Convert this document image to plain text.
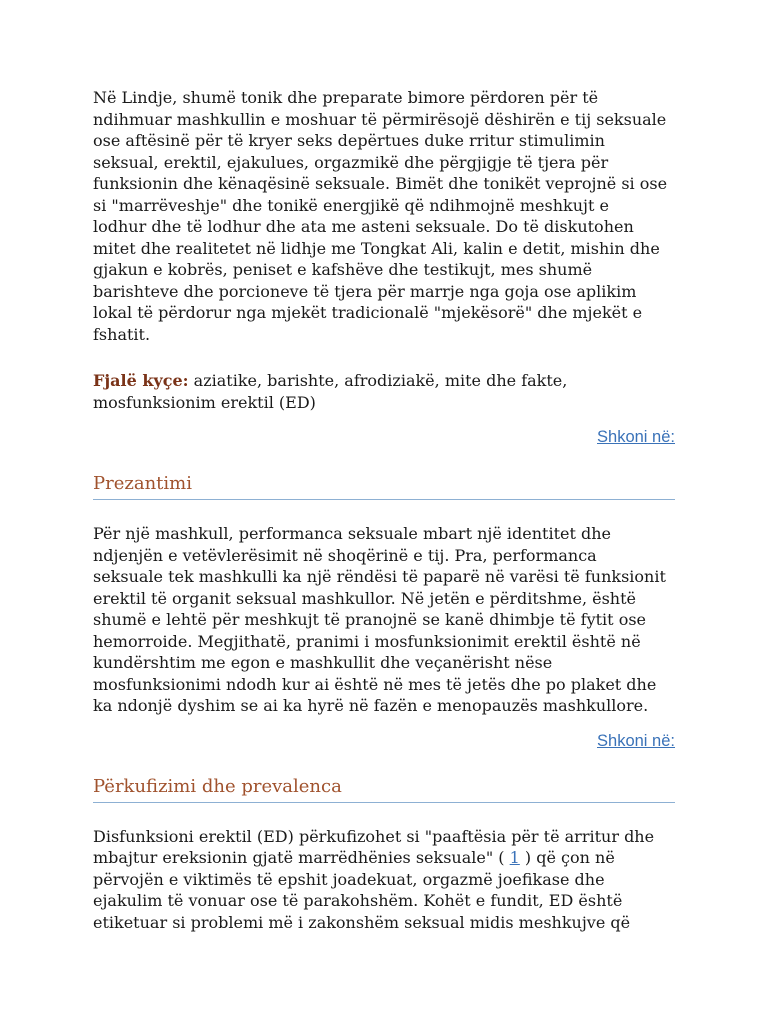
Në Lindje, shumë tonik dhe preparate bimore përdoren për të

ndihmuar mashkullin e moshuar të përmirësojë dëshirën e tij seksuale

ose aftësinë për të kryer seks depërtues duke rritur stimulimin

seksual, erektil, ejakulues, orgazmikë dhe përgjigje të tjera për

funksionin dhe kënaqësinë seksuale. Bimët dhe tonikët veprojnë si ose

si "marrëveshje" dhe tonikë energjikë që ndihmojnë meshkujt e

lodhur dhe të lodhur dhe ata me asteni seksuale. Do të diskutohen

mitet dhe realitetet në lidhje me Tongkat Ali, kalin e detit, mishin dhe

gjakun e kobrës, peniset e kafshëve dhe testikujt, mes shumë

barishteve dhe porcioneve të tjera për marrje nga goja ose aplikim

lokal të përdorur nga mjekët tradicionalë "mjekësorë" dhe mjekët e

fshatit.

Fjalë kyçe: aziatike, barishte, afrodiziakë, mite dhe fakte,

mosfunksionim erektil (ED)

Shkoni në:
Prezantimi

Për një mashkull, performanca seksuale mbart një identitet dhe

ndjenjën e vetëvlerësimit në shoqërinë e tij. Pra, performanca

seksuale tek mashkulli ka një rëndësi të paparë në varësi të funksionit

erektil të organit seksual mashkullor. Në jetën e përditshme, është

shumë e lehtë për meshkujt të pranojnë se kanë dhimbje të fytit ose

hemorroide. Megjithatë, pranimi i mosfunksionimit erektil është në

kundërshtim me egon e mashkullit dhe veçanërisht nëse

mosfunksionimi ndodh kur ai është në mes të jetës dhe po plaket dhe

ka ndonjë dyshim se ai ka hyrë në fazën e menopauzës mashkullore.

Shkoni në:
Përkufizimi dhe prevalenca

Disfunksioni erektil (ED) përkufizohet si "paaftësia për të arritur dhe

mbajtur ereksionin gjatë marrëdhënies seksuale" ( 1 ) që çon në

përvojën e viktimës të epshit joadekuat, orgazmë joefikase dhe

ejakulim të vonuar ose të parakohshëm. Kohët e fundit, ED është

etiketuar si problemi më i zakonshëm seksual midis meshkujve që
